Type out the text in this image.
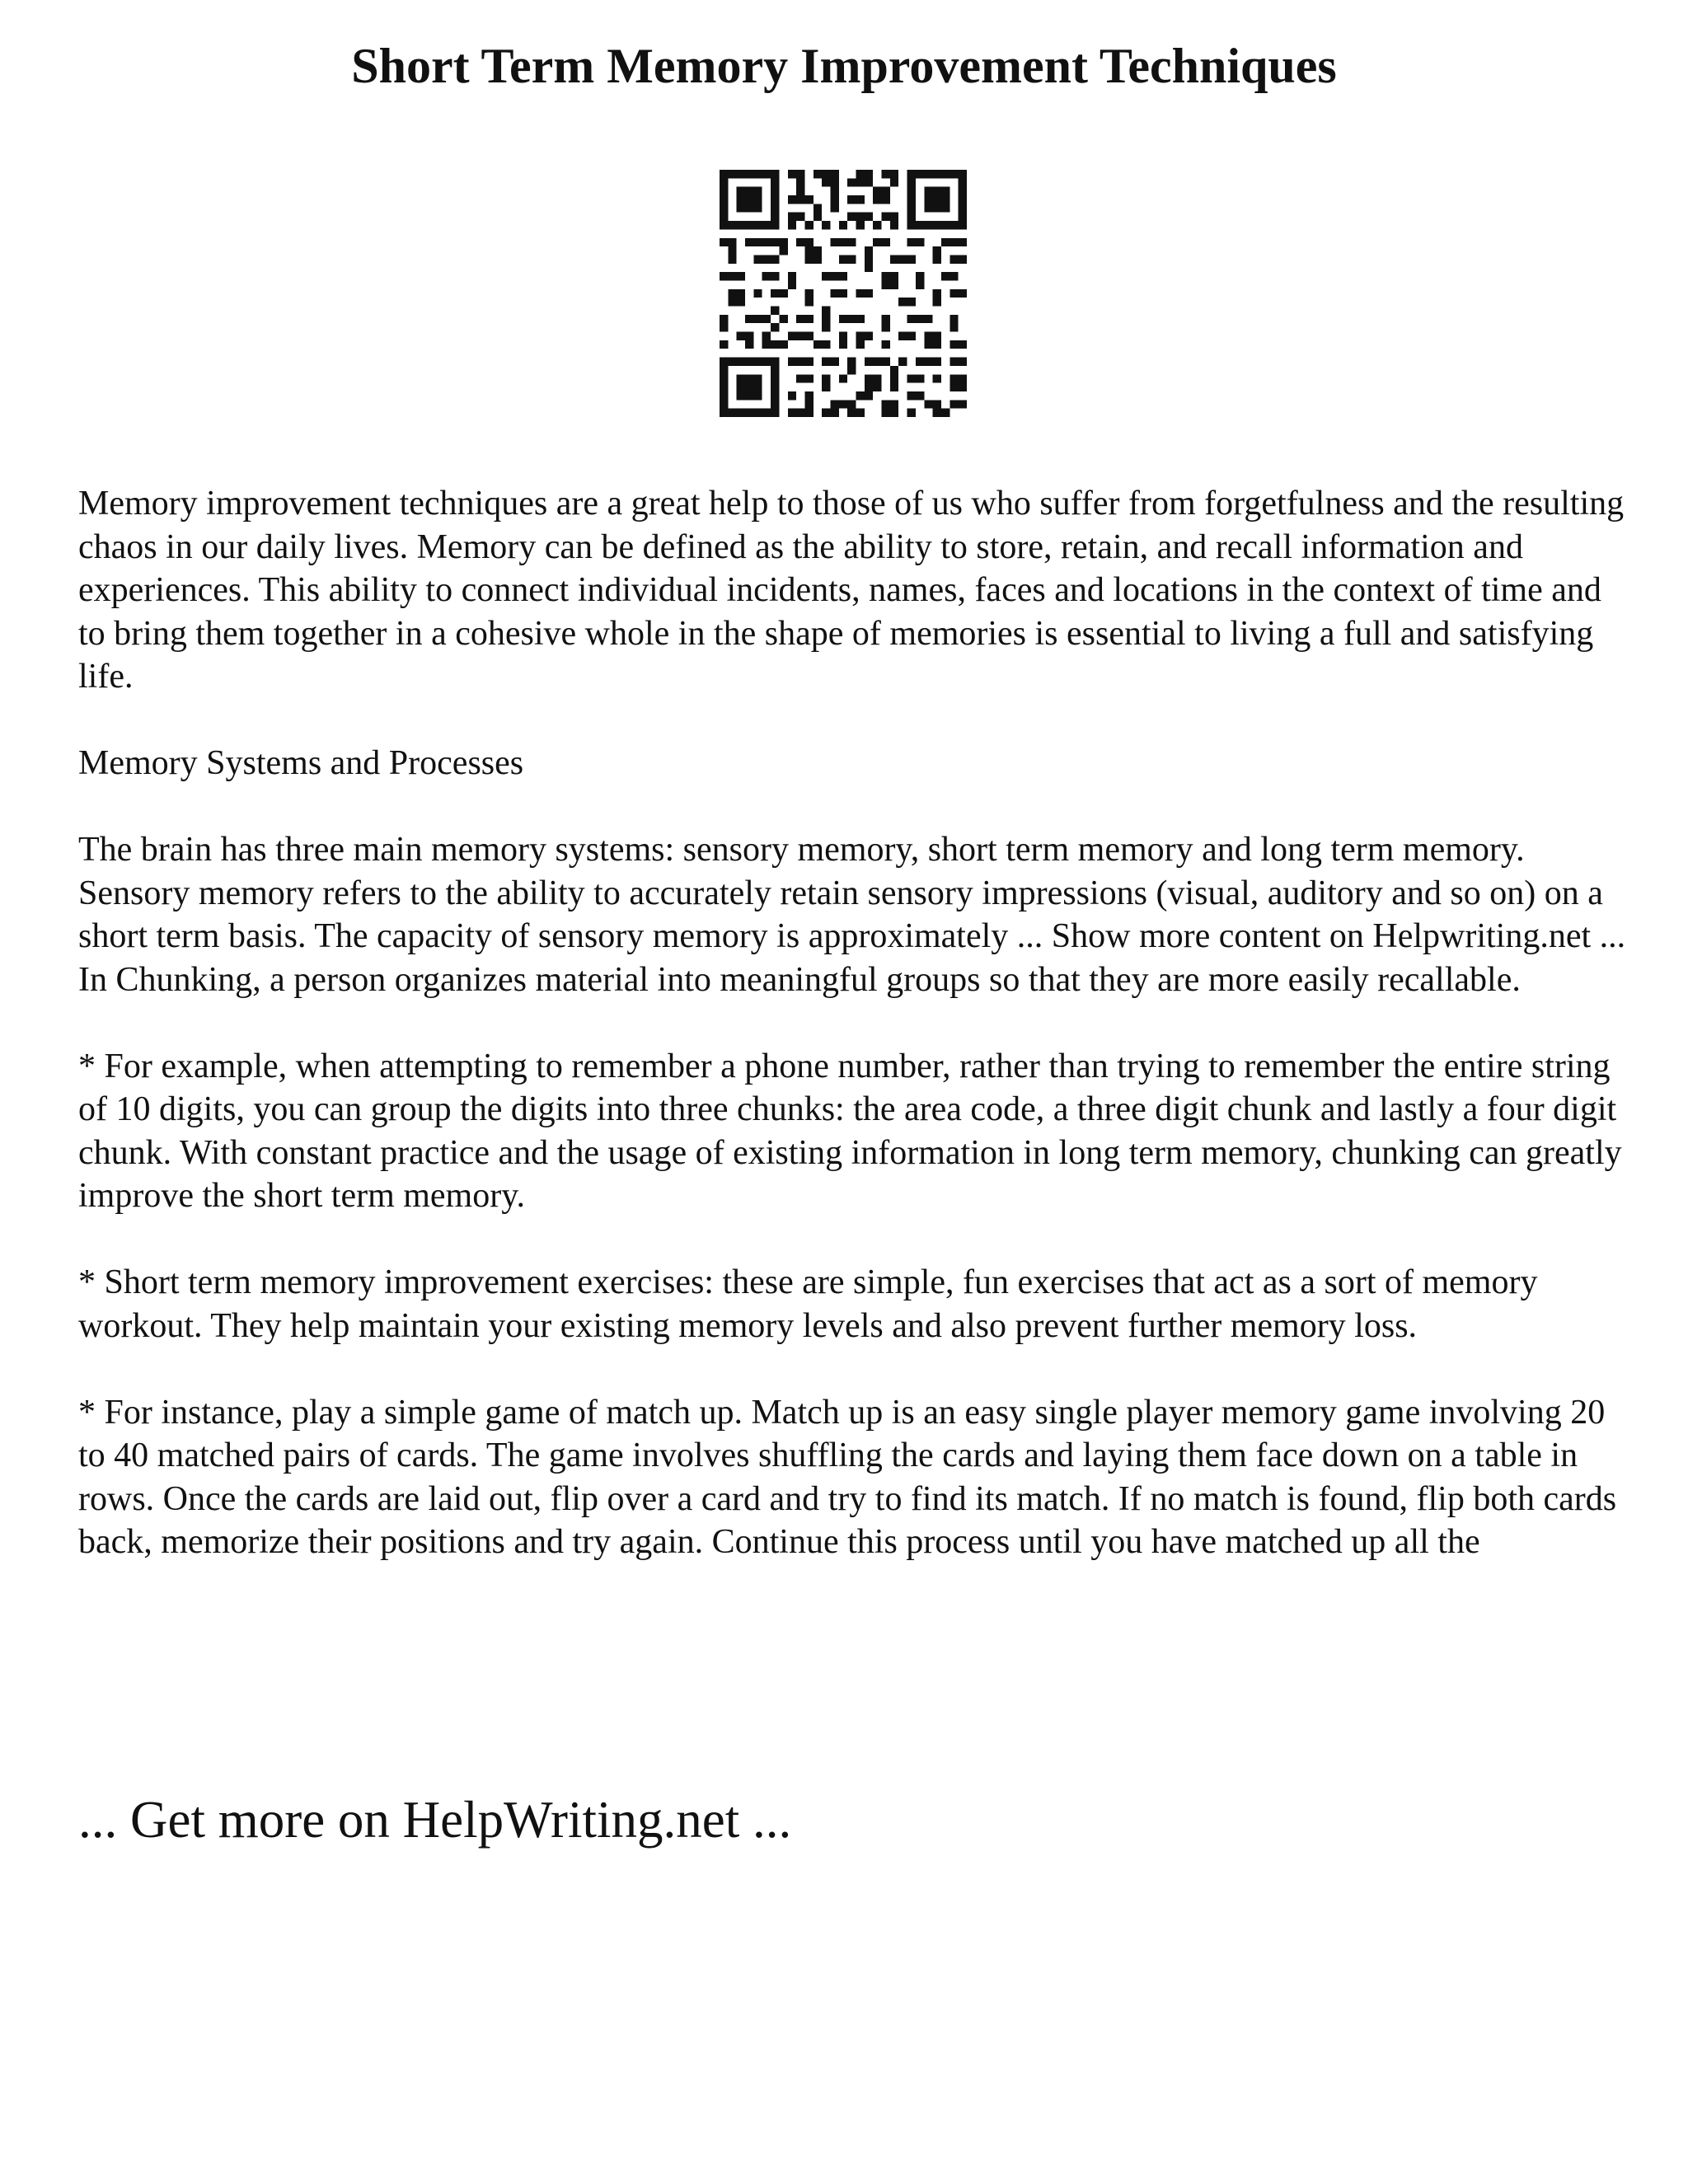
Short Term Memory Improvement Techniques

Memory improvement techniques are a great help to those of us who suffer from forgetfulness and the resulting chaos in our daily lives. Memory can be defined as the ability to store, retain, and recall information and experiences. This ability to connect individual incidents, names, faces and locations in the context of time and to bring them together in a cohesive whole in the shape of memories is essential to living a full and satisfying life.

Memory Systems and Processes

The brain has three main memory systems: sensory memory, short term memory and long term memory. Sensory memory refers to the ability to accurately retain sensory impressions (visual, auditory and so on) on a short term basis. The capacity of sensory memory is approximately ... Show more content on Helpwriting.net ...

In Chunking, a person organizes material into meaningful groups so that they are more easily recallable.

* For example, when attempting to remember a phone number, rather than trying to remember the entire string of 10 digits, you can group the digits into three chunks: the area code, a three digit chunk and lastly a four digit chunk. With constant practice and the usage of existing information in long term memory, chunking can greatly improve the short term memory.

* Short term memory improvement exercises: these are simple, fun exercises that act as a sort of memory workout. They help maintain your existing memory levels and also prevent further memory loss.

* For instance, play a simple game of match up. Match up is an easy single player memory game involving 20 to 40 matched pairs of cards. The game involves shuffling the cards and laying them face down on a table in rows. Once the cards are laid out, flip over a card and try to find its match. If no match is found, flip both cards back, memorize their positions and try again. Continue this process until you have matched up all the

... Get more on HelpWriting.net ...
